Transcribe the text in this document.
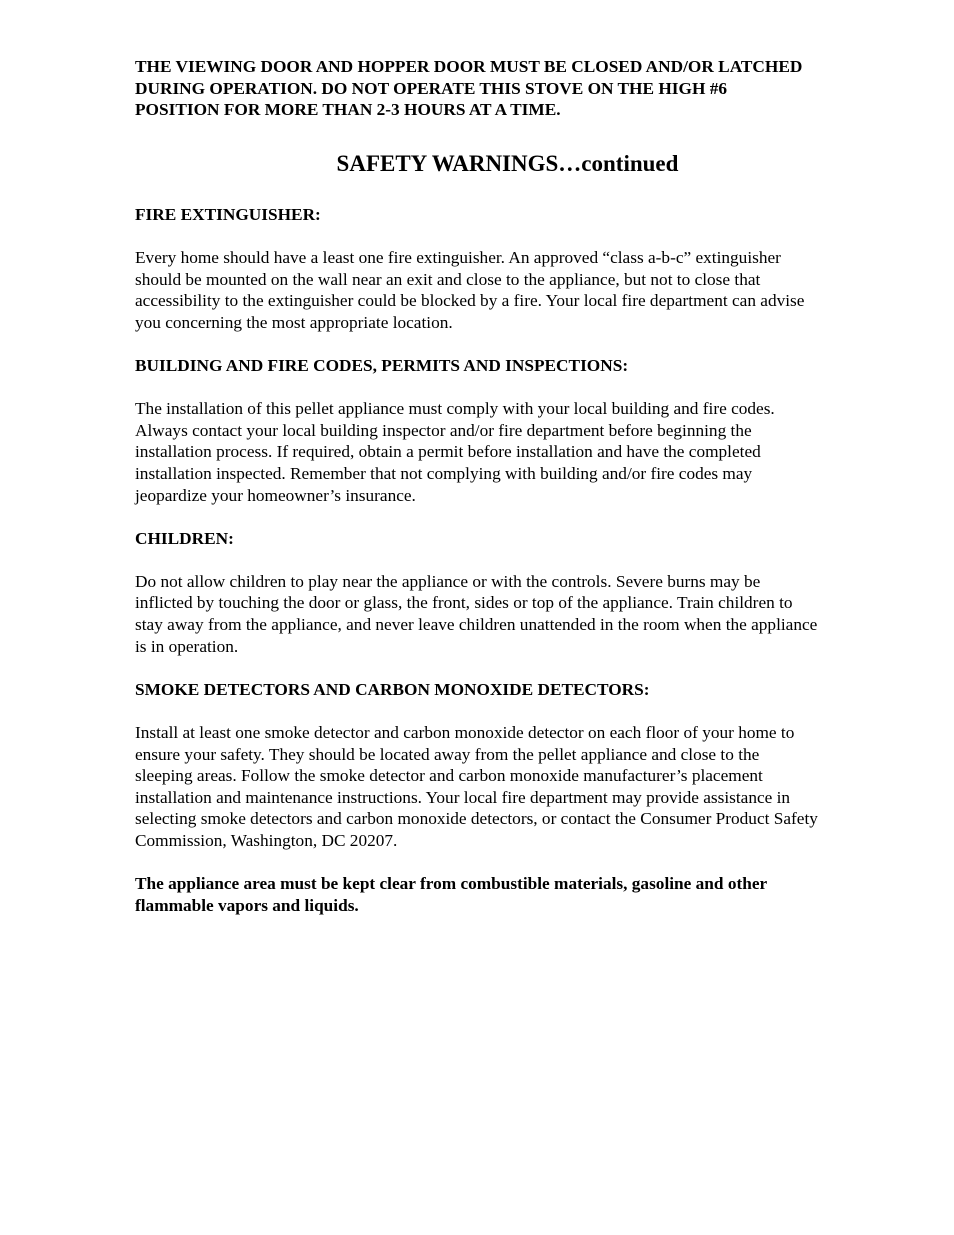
THE VIEWING DOOR AND HOPPER DOOR MUST BE CLOSED AND/OR LATCHED
DURING OPERATION. DO NOT OPERATE THIS STOVE ON THE HIGH #6
POSITION FOR MORE THAN 2-3 HOURS AT A TIME.

SAFETY WARNINGS…continued

FIRE EXTINGUISHER:

Every home should have a least one fire extinguisher. An approved “class a-b-c” extinguisher
should be mounted on the wall near an exit and close to the appliance, but not to close that
accessibility to the extinguisher could be blocked by a fire. Your local fire department can advise
you concerning the most appropriate location.

BUILDING AND FIRE CODES, PERMITS AND INSPECTIONS:

The installation of this pellet appliance must comply with your local building and fire codes.
Always contact your local building inspector and/or fire department before beginning the
installation process. If required, obtain a permit before installation and have the completed
installation inspected. Remember that not complying with building and/or fire codes may
jeopardize your homeowner’s insurance.

CHILDREN:

Do not allow children to play near the appliance or with the controls. Severe burns may be
inflicted by touching the door or glass, the front, sides or top of the appliance. Train children to
stay away from the appliance, and never leave children unattended in the room when the appliance
is in operation.

SMOKE DETECTORS AND CARBON MONOXIDE DETECTORS:

Install at least one smoke detector and carbon monoxide detector on each floor of your home to
ensure your safety. They should be located away from the pellet appliance and close to the
sleeping areas. Follow the smoke detector and carbon monoxide manufacturer’s placement
installation and maintenance instructions. Your local fire department may provide assistance in
selecting smoke detectors and carbon monoxide detectors, or contact the Consumer Product Safety
Commission, Washington, DC 20207.

The appliance area must be kept clear from combustible materials, gasoline and other
flammable vapors and liquids.
